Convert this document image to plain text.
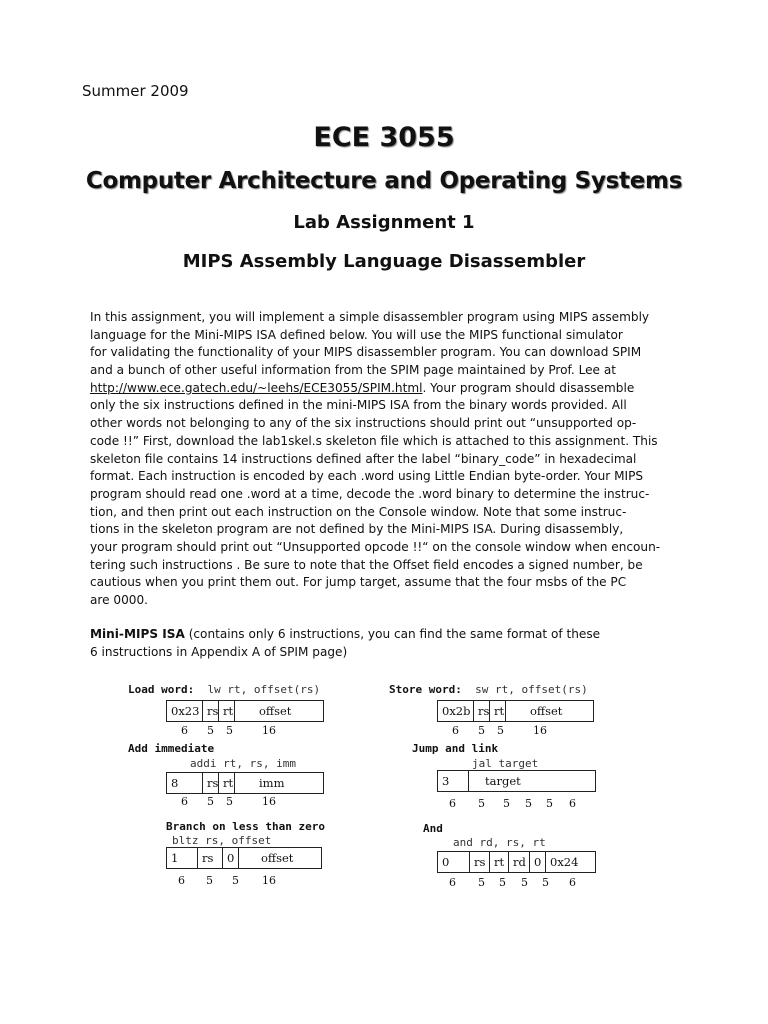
Summer 2009
ECE 3055
Computer Architecture and Operating Systems
Lab Assignment 1
MIPS Assembly Language Disassembler
In this assignment, you will implement a simple disassembler program using MIPS assembly
language for the Mini-MIPS ISA defined below. You will use the MIPS functional simulator
for validating the functionality of your MIPS disassembler program. You can download SPIM
and a bunch of other useful information from the SPIM page maintained by Prof. Lee at
http://www.ece.gatech.edu/~leehs/ECE3055/SPIM.html. Your program should disassemble
only the six instructions defined in the mini-MIPS ISA from the binary words provided. All
other words not belonging to any of the six instructions should print out “unsupported op-
code !!” First, download the lab1skel.s skeleton file which is attached to this assignment. This
skeleton file contains 14 instructions defined after the label “binary_code” in hexadecimal
format. Each instruction is encoded by each .word using Little Endian byte-order. Your MIPS
program should read one .word at a time, decode the .word binary to determine the instruc-
tion, and then print out each instruction on the Console window. Note that some instruc-
tions in the skeleton program are not defined by the Mini-MIPS ISA. During disassembly,
your program should print out “Unsupported opcode !!“ on the console window when encoun-
tering such instructions . Be sure to note that the Offset field encodes a signed number, be
cautious when you print them out. For jump target, assume that the four msbs of the PC
are 0000.
Mini-MIPS ISA (contains only 6 instructions, you can find the same format of these
6 instructions in Appendix A of SPIM page)
Load word: lw rt, offset(rs)
0x23 rs rt	offset
6 5 5	16
Store word: sw rt, offset(rs)
0x2b rs rt	offset
6 5 5	16
Add immediate
addi rt, rs, imm
8	rs rt	imm
6 5 5	16
Jump and link
jal target
3	target
6 5 5 5 5 6
Branch on less than zero
bltz rs, offset
1	rs	0	offset
6 5 5 16
And
and rd, rs, rt
0	rs rt rd 0 0x24
6 5 5 5 5 6
